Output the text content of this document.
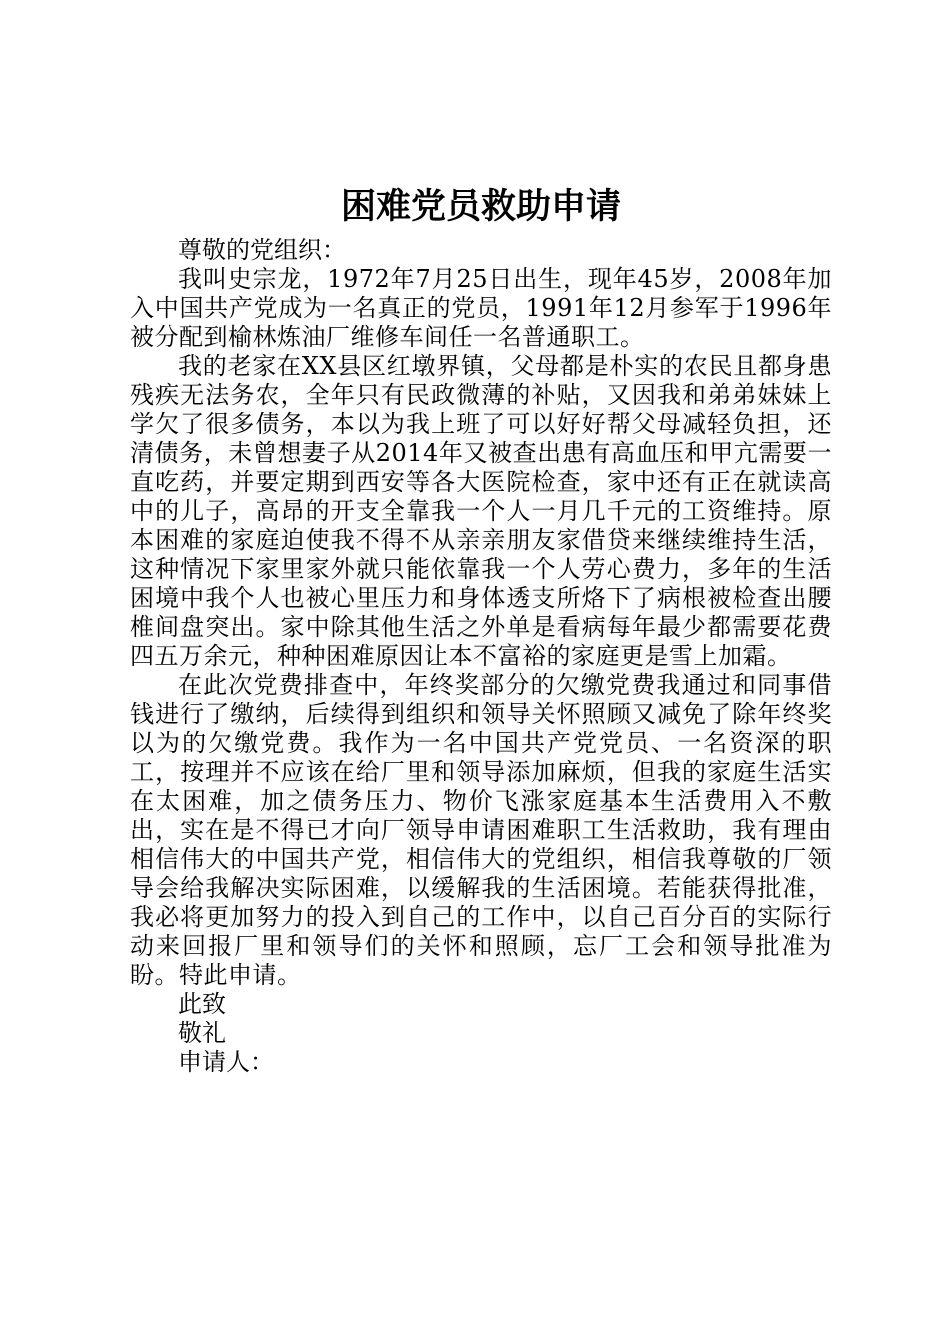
困难党员救助申请

尊敬的党组织：

我叫史宗龙，1972年7月25日出生，现年45岁，2008年加入中国共产党成为一名真正的党员，1991年12月参军于1996年被分配到榆林炼油厂维修车间任一名普通职工。

我的老家在XX县区红墩界镇，父母都是朴实的农民且都身患残疾无法务农，全年只有民政微薄的补贴，又因我和弟弟妹妹上学欠了很多债务，本以为我上班了可以好好帮父母减轻负担，还清债务，未曾想妻子从2014年又被查出患有高血压和甲亢需要一直吃药，并要定期到西安等各大医院检查，家中还有正在就读高中的儿子，高昂的开支全靠我一个人一月几千元的工资维持。原本困难的家庭迫使我不得不从亲亲朋友家借贷来继续维持生活，这种情况下家里家外就只能依靠我一个人劳心费力，多年的生活困境中我个人也被心里压力和身体透支所烙下了病根被检查出腰椎间盘突出。家中除其他生活之外单是看病每年最少都需要花费四五万余元，种种困难原因让本不富裕的家庭更是雪上加霜。

在此次党费排查中，年终奖部分的欠缴党费我通过和同事借钱进行了缴纳，后续得到组织和领导关怀照顾又减免了除年终奖以为的欠缴党费。我作为一名中国共产党党员、一名资深的职工，按理并不应该在给厂里和领导添加麻烦，但我的家庭生活实在太困难，加之债务压力、物价飞涨家庭基本生活费用入不敷出，实在是不得已才向厂领导申请困难职工生活救助，我有理由相信伟大的中国共产党，相信伟大的党组织，相信我尊敬的厂领导会给我解决实际困难，以缓解我的生活困境。若能获得批准，我必将更加努力的投入到自己的工作中，以自己百分百的实际行动来回报厂里和领导们的关怀和照顾，忘厂工会和领导批准为盼。特此申请。

此致

敬礼

申请人：
